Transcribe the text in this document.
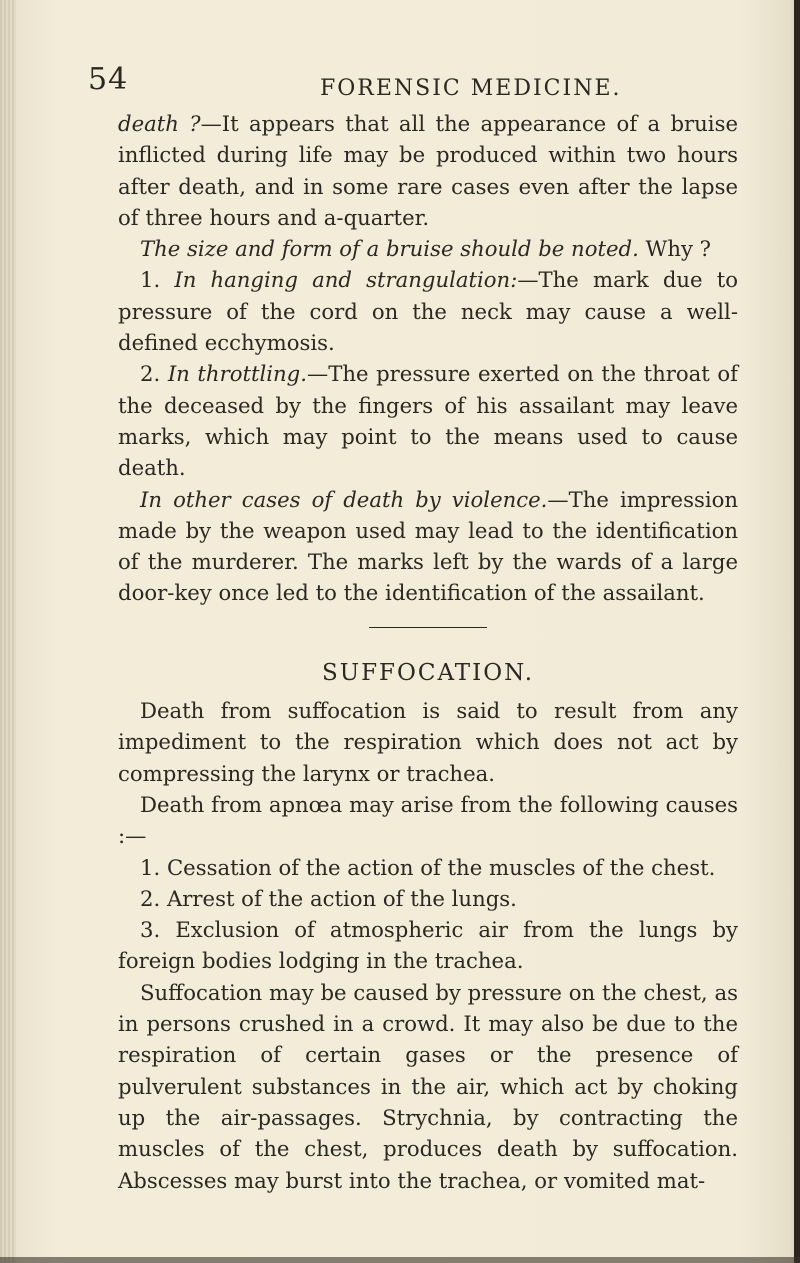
54	FORENSIC MEDICINE.

death ?—It appears that all the appearance of a bruise inflicted during life may be produced within two hours after death, and in some rare cases even after the lapse of three hours and a-quarter.

The size and form of a bruise should be noted. Why ?

1. In hanging and strangulation:—The mark due to pressure of the cord on the neck may cause a well-defined ecchymosis.

2. In throttling.—The pressure exerted on the throat of the deceased by the fingers of his assailant may leave marks, which may point to the means used to cause death.

In other cases of death by violence.—The impression made by the weapon used may lead to the identification of the murderer. The marks left by the wards of a large door-key once led to the identification of the assailant.

SUFFOCATION.

Death from suffocation is said to result from any impediment to the respiration which does not act by compressing the larynx or trachea.

Death from apnœa may arise from the following causes :—

1. Cessation of the action of the muscles of the chest.

2. Arrest of the action of the lungs.

3. Exclusion of atmospheric air from the lungs by foreign bodies lodging in the trachea.

Suffocation may be caused by pressure on the chest, as in persons crushed in a crowd. It may also be due to the respiration of certain gases or the presence of pulverulent substances in the air, which act by choking up the air-passages. Strychnia, by contracting the muscles of the chest, produces death by suffocation. Abscesses may burst into the trachea, or vomited mat-
